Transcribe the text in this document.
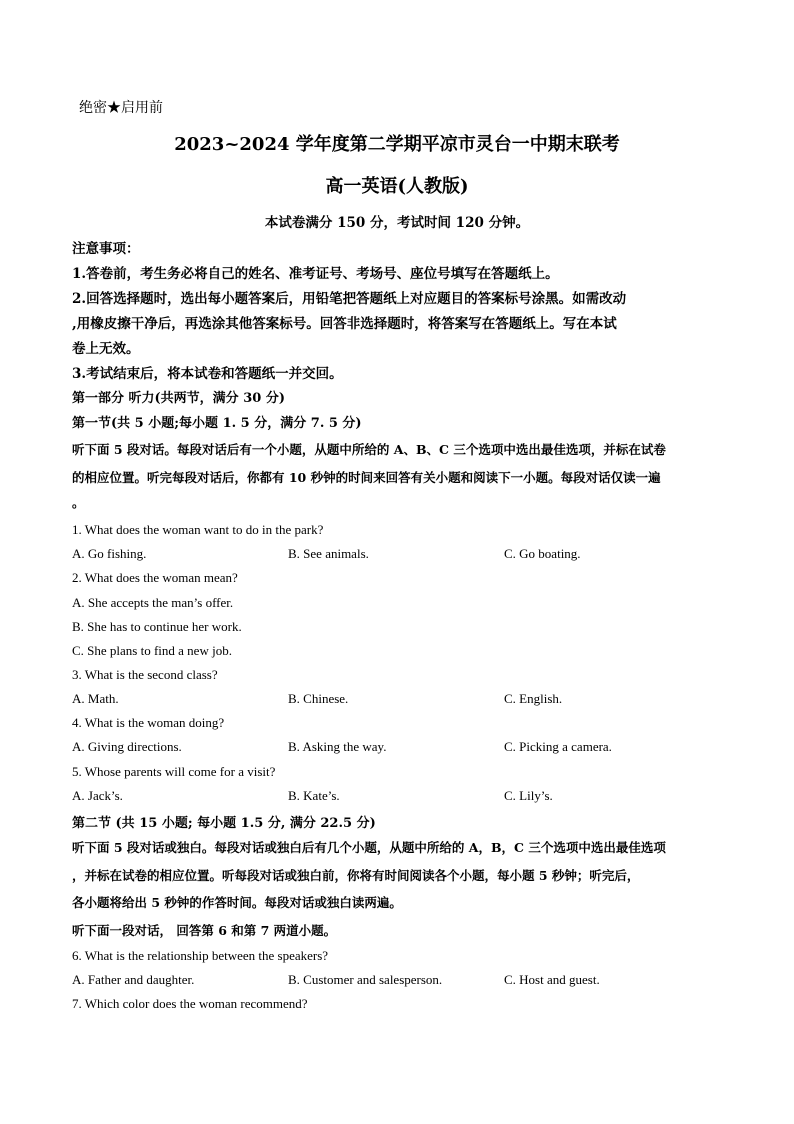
绝密★启用前
2023~2024 学年度第二学期平凉市灵台一中期末联考
高一英语(人教版)
本试卷满分 150 分，考试时间 120 分钟。
注意事项：
1.答卷前，考生务必将自己的姓名、准考证号、考场号、座位号填写在答题纸上。
2.回答选择题时，选出每小题答案后，用铅笔把答题纸上对应题目的答案标号涂黑。如需改动
,用橡皮擦干净后，再选涂其他答案标号。回答非选择题时，将答案写在答题纸上。写在本试
卷上无效。
3.考试结束后，将本试卷和答题纸一并交回。
第一部分 听力(共两节，满分 30 分)
第一节(共 5 小题;每小题 1. 5 分，满分 7. 5 分)
听下面 5 段对话。每段对话后有一个小题，从题中所给的 A、B、C 三个选项中选出最佳选项，并标在试卷
的相应位置。听完每段对话后，你都有 10 秒钟的时间来回答有关小题和阅读下一小题。每段对话仅读一遍
。
1. What does the woman want to do in the park?
A. Go fishing.	B. See animals.	C. Go boating.
2. What does the woman mean?
A. She accepts the man’s offer.
B. She has to continue her work.
C. She plans to find a new job.
3. What is the second class?
A. Math.	B. Chinese.	C. English.
4. What is the woman doing?
A. Giving directions.	B. Asking the way.	C. Picking a camera.
5. Whose parents will come for a visit?
A. Jack’s.	B. Kate’s.	C. Lily’s.
第二节 (共 15 小题; 每小题 1.5 分, 满分 22.5 分)
听下面 5 段对话或独白。每段对话或独白后有几个小题，从题中所给的 A，B，C 三个选项中选出最佳选项
，并标在试卷的相应位置。听每段对话或独白前，你将有时间阅读各个小题，每小题 5 秒钟；听完后，
各小题将给出 5 秒钟的作答时间。每段对话或独白读两遍。
听下面一段对话， 回答第 6 和第 7 两道小题。
6. What is the relationship between the speakers?
A. Father and daughter.	B. Customer and salesperson.	C. Host and guest.
7. Which color does the woman recommend?
